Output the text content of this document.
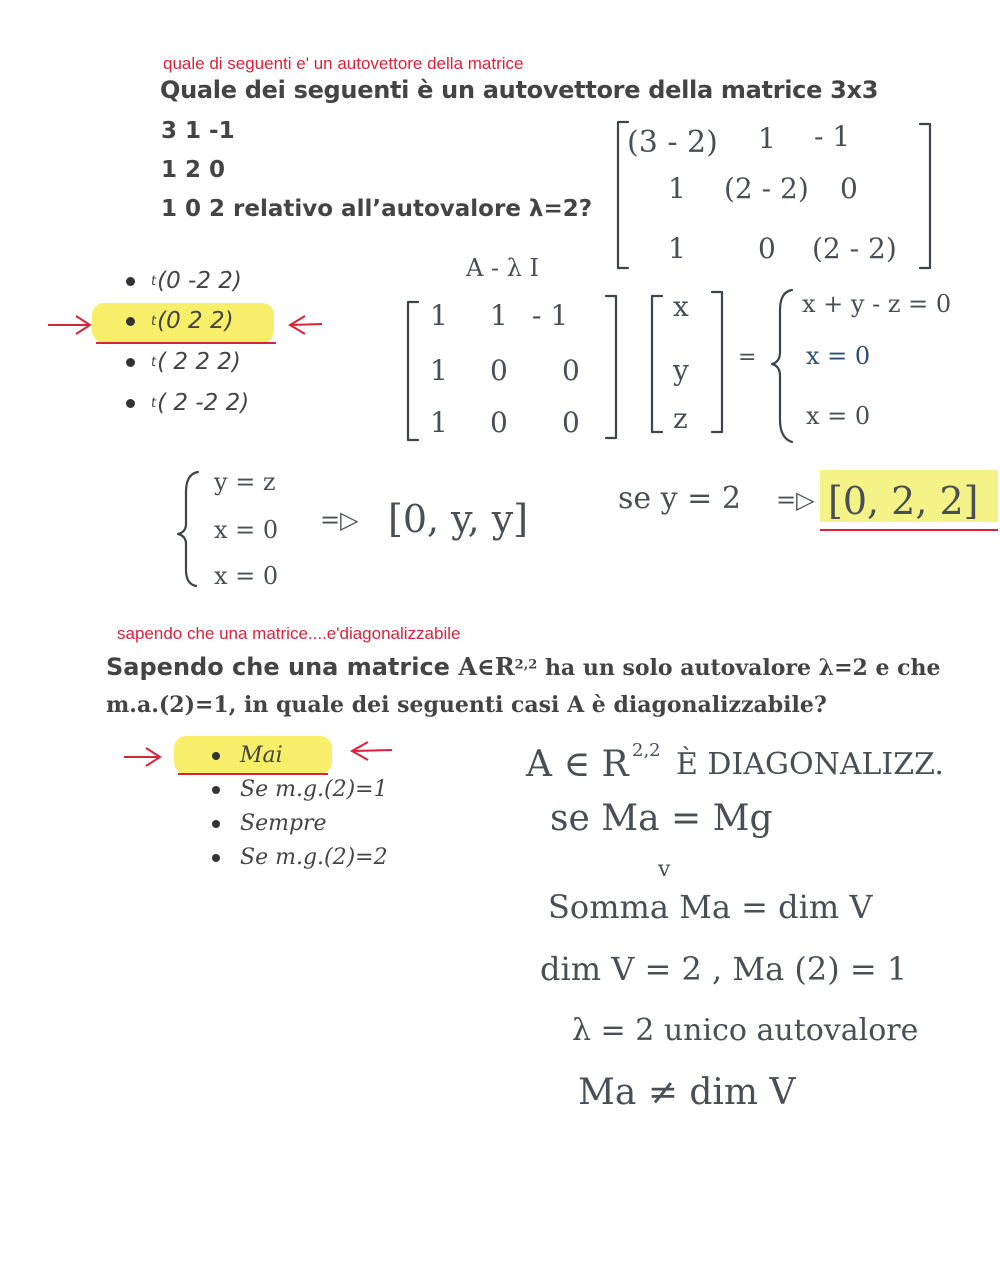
quale di seguenti e' un autovettore della matrice
Quale dei seguenti è un autovettore della matrice 3x3
3 1 -1
1 2 0
1 0 2 relativo all’autovalore λ=2?
t (0 -2 2)
t (0 2 2)
t ( 2 2 2)
t ( 2 -2 2)
(3 - 2) 1 - 1
1 (2 - 2) 0
1	0 (2 - 2)
A - λ I
1 1 - 1
1 0 0
1 0 0
x
y
z
=
x + y - z = 0
x = 0
x = 0
y = z
x = 0
x = 0
=▷ [0, y, y]	se y = 2 =▷ [0, 2, 2]
sapendo che una matrice....e'diagonalizzabile
Sapendo che una matrice $A\in R^{2,2}$ ha un solo autovalore λ=2 e che
m.a.(2)=1, in quale dei seguenti casi A è diagonalizzabile?
Mai
Se m.g.(2)=1
Sempre
Se m.g.(2)=2
A ∈ R 2,2 È DIAGONALIZZ.
se Ma = Mg
v
Somma Ma = dim V
dim V = 2 , Ma (2) = 1
λ = 2 unico autovalore
Ma ≠ dim V
